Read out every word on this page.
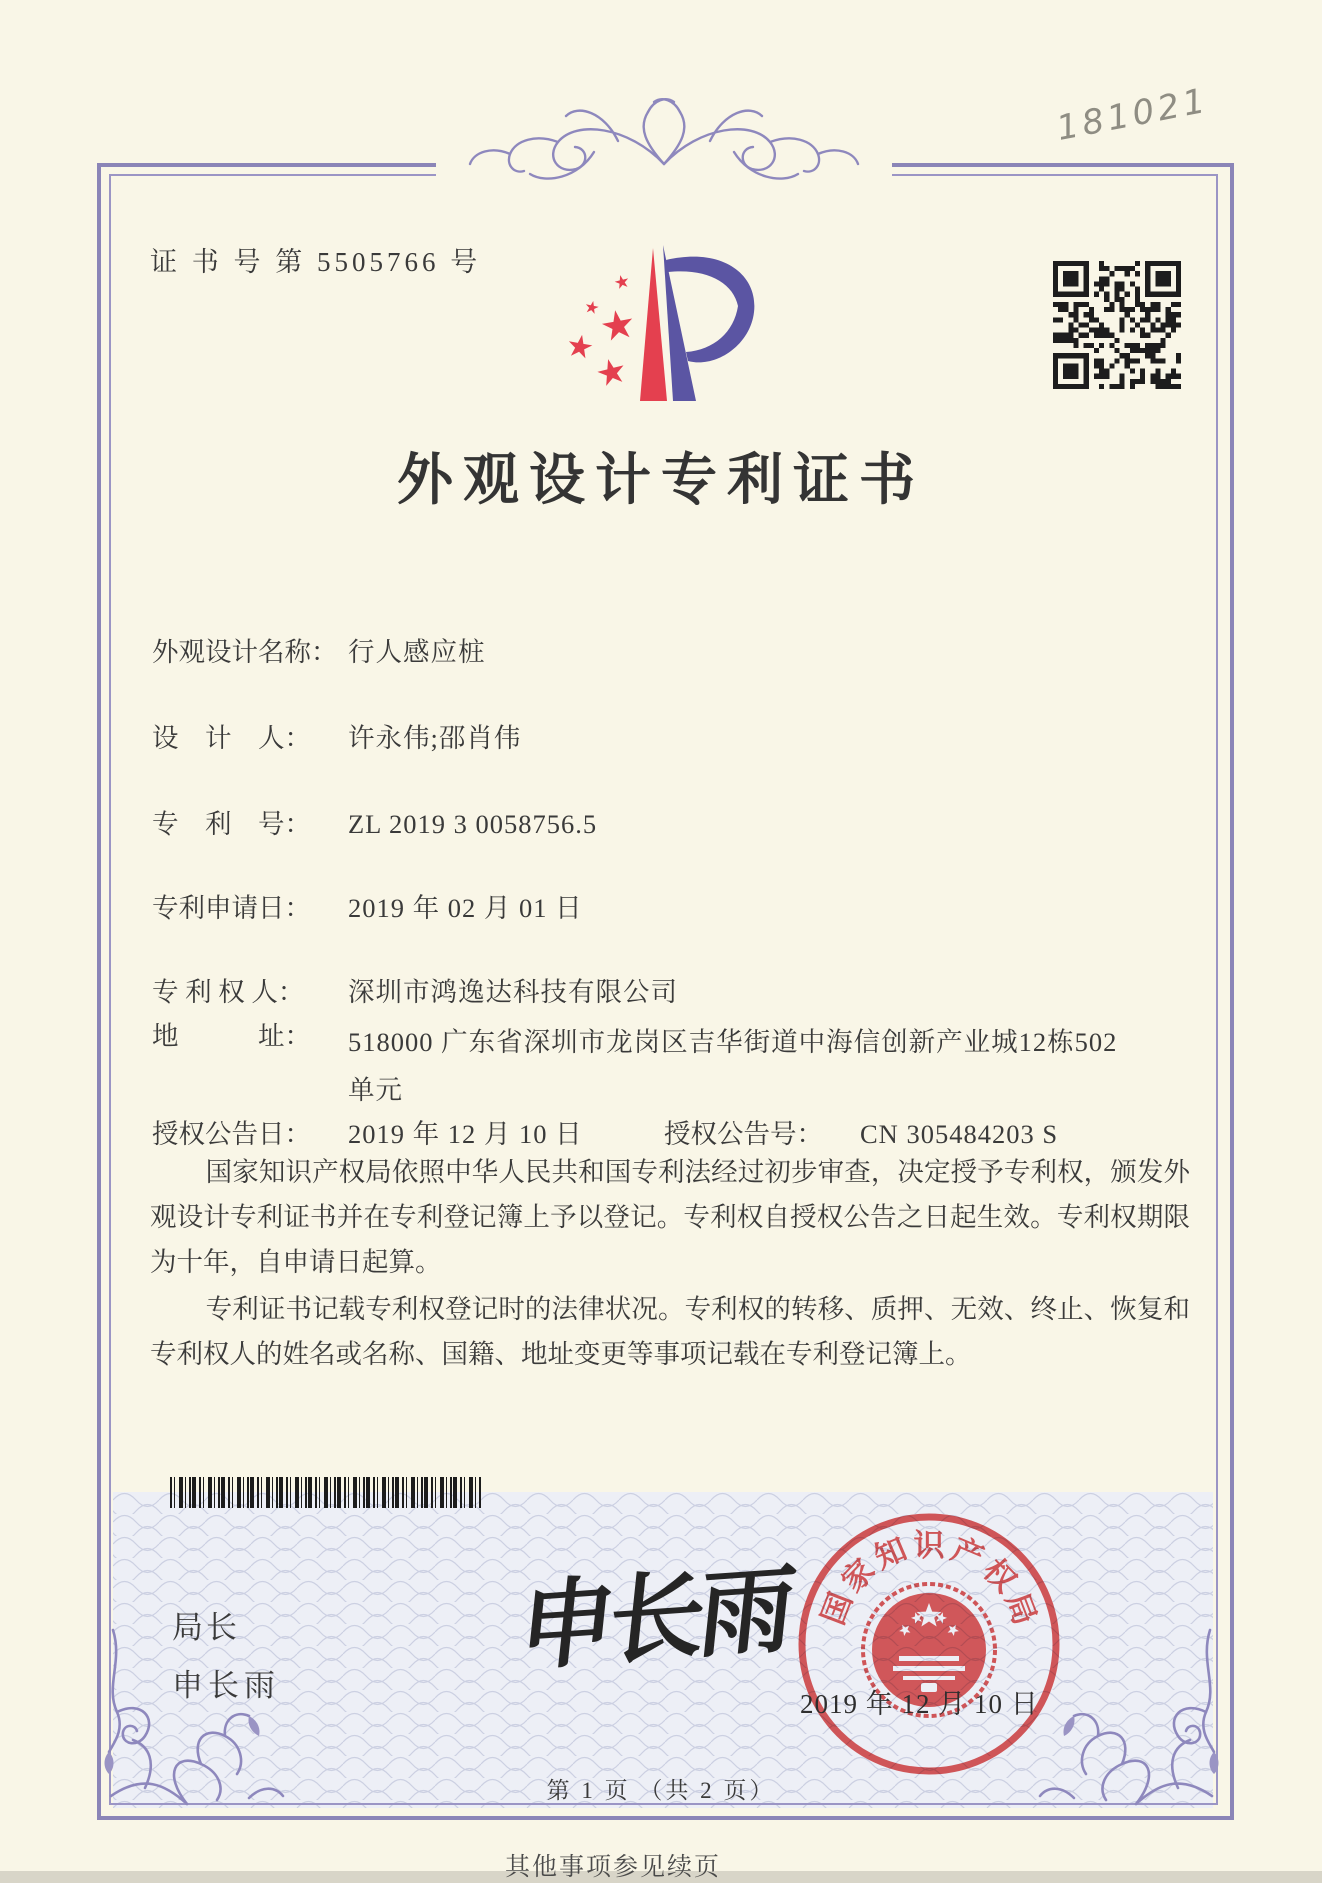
181021
证 书 号 第 5505766 号
★
★
★
★
★
外观设计专利证书
外观设计名称： 行人感应桩
设　计　人：	许永伟;邵肖伟
专　利　号：	ZL 2019 3 0058756.5
专利申请日：	2019 年 02 月 01 日
专 利 权 人：	深圳市鸿逸达科技有限公司
地　　　址：	518000 广东省深圳市龙岗区吉华街道中海信创新产业城12栋502单元
授权公告日：	2019 年 12 月 10 日	授权公告号：	CN 305484203 S

国家知识产权局依照中华人民共和国专利法经过初步审查，决定授予专利权，颁发外观设计专利证书并在专利登记簿上予以登记。专利权自授权公告之日起生效。专利权期限为十年，自申请日起算。

专利证书记载专利权登记时的法律状况。专利权的转移、质押、无效、终止、恢复和专利权人的姓名或名称、国籍、地址变更等事项记载在专利登记簿上。

局长
申长雨
申长雨 国
家
知 识 产
权
局
2019 年 12 月 10 日
第 1 页 （共 2 页）
其他事项参见续页
